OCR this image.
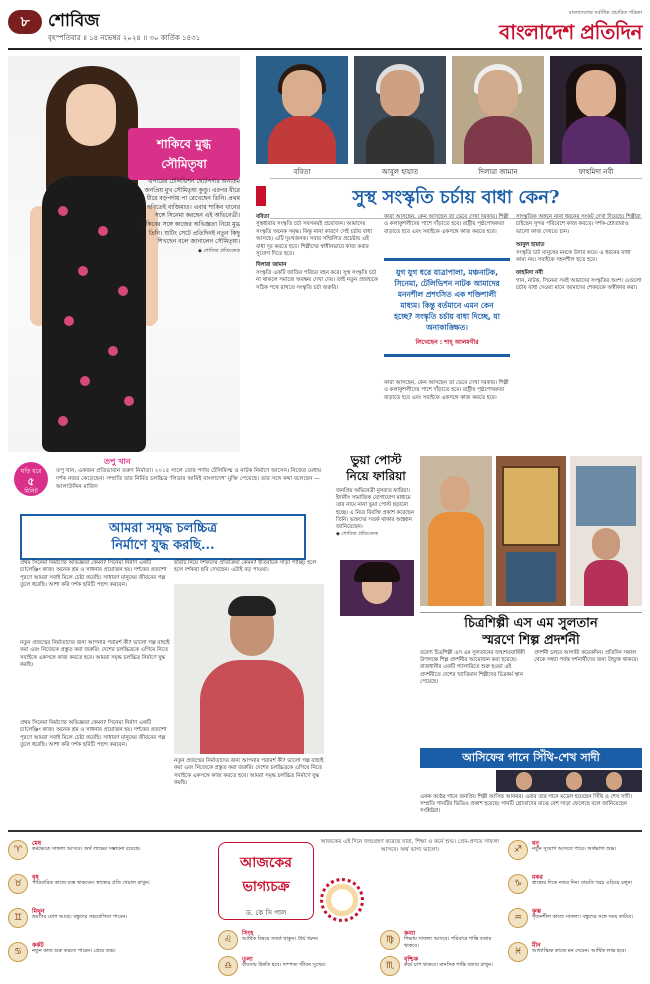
৮	শোবিজ
বৃহস্পতিবার ॥ ১৪ নভেম্বর ২০২৪ ॥ ৩০ কার্তিক ১৪৩১
বাংলাদেশের সর্বাধিক প্রচারিত পত্রিকা
বাংলাদেশ প্রতিদিন
শাকিবে মুগ্ধ
সৌমিতৃষা
এপারের টেলিভিশন ছোটপর্দার অন্যতম জনপ্রিয় মুখ সৌমিতৃষা কুণ্ডু। এরপর ধীরে ধীরে বড়পর্দায় পা রেখেছেন তিনি। প্রথম ছবিতেই বাজিমাত। এবার শাকিব খানের সঙ্গে সিনেমা করছেন এই অভিনেত্রী। শাকিবের সঙ্গে কাজের অভিজ্ঞতা নিয়ে মুগ্ধ তিনি। শুটিং সেটে প্রতিদিনই নতুন কিছু শিখছেন বলে জানালেন সৌমিতৃষা।
◆ শোবিজ প্রতিবেদক
ববিতা	আবুল হায়াত	দিলারা জামান	ফাহমিদা নবী
সুস্থ সংস্কৃতি চর্চায় বাধা কেন?
ববিতা
সুস্থধারার সংস্কৃতি চর্চা সবসময়ই প্রয়োজন। আমাদের সংস্কৃতি অনেক সমৃদ্ধ। কিন্তু নানা কারণে সেই চর্চায় বাধা আসছে। এটি দুঃখজনক। সবার সম্মিলিত প্রচেষ্টায় এই বাধা দূর করতে হবে। শিল্পীদের স্বাধীনভাবে কাজ করার সুযোগ দিতে হবে।
দিলারা জামান
সংস্কৃতি একটি জাতির পরিচয় বহন করে। সুস্থ সংস্কৃতি চর্চা না থাকলে সমাজে অবক্ষয় দেখা দেয়। তাই নতুন প্রজন্মকে সঠিক পথে রাখতে সংস্কৃতি চর্চা জরুরি।
কারা আসছেন, কেন আসছেন তা ভেবে দেখা দরকার। শিল্পী ও কলাকুশলীদের পাশে দাঁড়াতে হবে। রাষ্ট্রীয় পৃষ্ঠপোষকতা বাড়াতে হবে এবং সবাইকে একসঙ্গে কাজ করতে হবে।
যুগ যুগ ধরে যাত্রাপালা, মঞ্চনাটক, সিনেমা, টেলিভিশন নাটক আমাদের মননশীল প্রশংসিত এক শক্তিশালী মাধ্যম। কিন্তু বর্তমানে এমন কেন হচ্ছে? সংস্কৃতি চর্চায় বাধা দিচ্ছে, যা অনাকাঙ্ক্ষিত।
লিখেছেন : শাহ্ আলমগীর
কারা আসছেন, কেন আসছেন তা ভেবে দেখা দরকার। শিল্পী ও কলাকুশলীদের পাশে দাঁড়াতে হবে। রাষ্ট্রীয় পৃষ্ঠপোষকতা বাড়াতে হবে এবং সবাইকে একসঙ্গে কাজ করতে হবে।
সাংস্কৃতিক অঙ্গনে নানা ধরনের সংকট দেখা দিয়েছে। শিল্পীরা চাইছেন সুন্দর পরিবেশে কাজ করতে। দর্শক-শ্রোতারাও ভালো কাজ দেখতে চান।
আবুল হায়াত
সংস্কৃতি চর্চা মানুষের মনকে উদার করে। এ ধরনের বাধা কাম্য নয়। সবাইকে সহনশীল হতে হবে।
ফাহমিদা নবী
গান, নাটক, সিনেমা সবই আমাদের সংস্কৃতির অংশ। এগুলো চর্চায় বাধা দেওয়া মানে আমাদের শেকড়কে অস্বীকার করা।
ঘড়ি ধরে
৫
মিনিট
তপু খান
তপু খান, একজন প্রতিভাবান তরুণ নির্মাতা। ২০১৫ সালে তোর পর্দায় টেলিফিল্ম ও নাটক নির্মাণে আসেন। নিজের মেধায় দর্শক নজর কেড়েছেন। সম্প্রতি তার নির্মিত চলচ্চিত্র 'লিডার আমিই বাংলাদেশ' মুক্তি পেয়েছে। তার সঙ্গে কথা বলেছেন — আলাউদ্দিন মাজিদ
আমরা সমৃদ্ধ চলচ্চিত্র
নির্মাণে যুদ্ধ করছি...
প্রথম সিনেমা নির্মাণের অভিজ্ঞতা কেমন? সিনেমা নির্মাণ একটি চ্যালেঞ্জিং কাজ। অনেক শ্রম ও সাধনার প্রয়োজন হয়। দর্শকের প্রত্যাশা পূরণে আমরা সবাই মিলে চেষ্টা করেছি। সাধারণ মানুষের জীবনের গল্প তুলে ধরেছি। আশা করি দর্শক ছবিটি পছন্দ করবেন।
নতুন প্রজন্মের নির্মাতাদের জন্য আপনার পরামর্শ কী? ভালো গল্প বাছাই করা এবং নিজেকে প্রস্তুত করা জরুরি। দেশের চলচ্চিত্রকে এগিয়ে নিতে সবাইকে একসঙ্গে কাজ করতে হবে। আমরা সমৃদ্ধ চলচ্চিত্র নির্মাণে যুদ্ধ করছি।
প্রথম সিনেমা নির্মাণের অভিজ্ঞতা কেমন? সিনেমা নির্মাণ একটি চ্যালেঞ্জিং কাজ। অনেক শ্রম ও সাধনার প্রয়োজন হয়। দর্শকের প্রত্যাশা পূরণে আমরা সবাই মিলে চেষ্টা করেছি। সাধারণ মানুষের জীবনের গল্প তুলে ধরেছি। আশা করি দর্শক ছবিটি পছন্দ করবেন।
ছবিটি নিয়ে দর্শকদের প্রতিক্রিয়া কেমন? ইতিবাচক সাড়া পাচ্ছি। হলে হলে দর্শকরা ছবি দেখছেন। এটাই বড় পাওয়া।
নতুন প্রজন্মের নির্মাতাদের জন্য আপনার পরামর্শ কী? ভালো গল্প বাছাই করা এবং নিজেকে প্রস্তুত করা জরুরি। দেশের চলচ্চিত্রকে এগিয়ে নিতে সবাইকে একসঙ্গে কাজ করতে হবে। আমরা সমৃদ্ধ চলচ্চিত্র নির্মাণে যুদ্ধ করছি।
ভুয়া পোস্ট
নিয়ে ফারিয়া
জনপ্রিয় অভিনেত্রী নুসরাত ফারিয়া। ইদানীং সামাজিক যোগাযোগ মাধ্যমে তার নামে নানা ভুয়া পোস্ট ছড়ানো হচ্ছে। এ নিয়ে বিরক্তি প্রকাশ করেছেন তিনি। ভক্তদের সতর্ক থাকার আহ্বান জানিয়েছেন।
◆ শোবিজ প্রতিবেদক
চিত্রশিল্পী এস এম সুলতান
স্মরণে শিল্প প্রদর্শনী
বরেণ্য চিত্রশিল্পী এস এম সুলতানের জন্মশতবার্ষিকী উপলক্ষে শিল্প প্রদর্শনীর আয়োজন করা হয়েছে। রাজধানীর একটি গ্যালারিতে শুরু হওয়া এই প্রদর্শনীতে দেশের খ্যাতিমান শিল্পীদের চিত্রকর্ম স্থান পেয়েছে।
প্রদর্শনী চলবে আগামী কয়েকদিন। প্রতিদিন সকাল থেকে সন্ধ্যা পর্যন্ত দর্শনার্থীদের জন্য উন্মুক্ত থাকবে।
আসিফের গানে সিঁথি-শেখ সাদী
একক কণ্ঠের গানে জনপ্রিয় শিল্পী আসিফ আকবর। এবার তার গানে মডেল হয়েছেন সিঁথি ও শেখ সাদী। সম্প্রতি গানটির ভিডিও প্রকাশ হয়েছে। গানটি শ্রোতাদের মাঝে বেশ সাড়া ফেলেছে বলে জানিয়েছেন সংশ্লিষ্টরা।
আজকের ভাগ্যচক্র
ড. কে সি পাল
আজকের এই দিনে জন্মগ্রহণ করেছে যারা, শিক্ষা ও কর্মে শুভ। প্রেম-প্রণয়ে সাফল্য আসবে। অর্থ ভাগ্য ভালো।
♈
মেষ
কর্মক্ষেত্রে সাফল্য আসবে। অর্থ লাভের সম্ভাবনা রয়েছে।
♉
বৃষ
পারিবারিক কাজে ব্যস্ত থাকবেন। স্বাস্থ্যের প্রতি খেয়াল রাখুন।
♊
মিথুন
ভ্রমণের যোগ আছে। বন্ধুদের সহযোগিতা পাবেন।
♋
কর্কট
নতুন কাজ শুরু করতে পারেন। প্রেমে শুভ।
♌
সিংহ
আর্থিক বিষয়ে সতর্ক থাকুন। ধৈর্য ধরুন।	♍
কন্যা
শিক্ষায় সাফল্য আসবে। পরিবারে শান্তি বজায় থাকবে।
♎
তুলা
ব্যবসায় উন্নতি হবে। দাম্পত্য জীবন সুখের।	♏
বৃশ্চিক
কর্মে চাপ থাকবে। মানসিক শান্তি বজায় রাখুন।
♐
ধনু
নতুন সুযোগ আসতে পারে। অর্থভাগ্য শুভ।
♑
মকর
স্বাস্থ্যের দিকে নজর দিন। বাড়তি খরচ এড়িয়ে চলুন।
♒
কুম্ভ
সৃজনশীল কাজে সাফল্য। বন্ধুদের সঙ্গে সময় কাটবে।
♓
মীন
আধ্যাত্মিক কাজে মন দেবেন। আর্থিক লাভ হবে।
